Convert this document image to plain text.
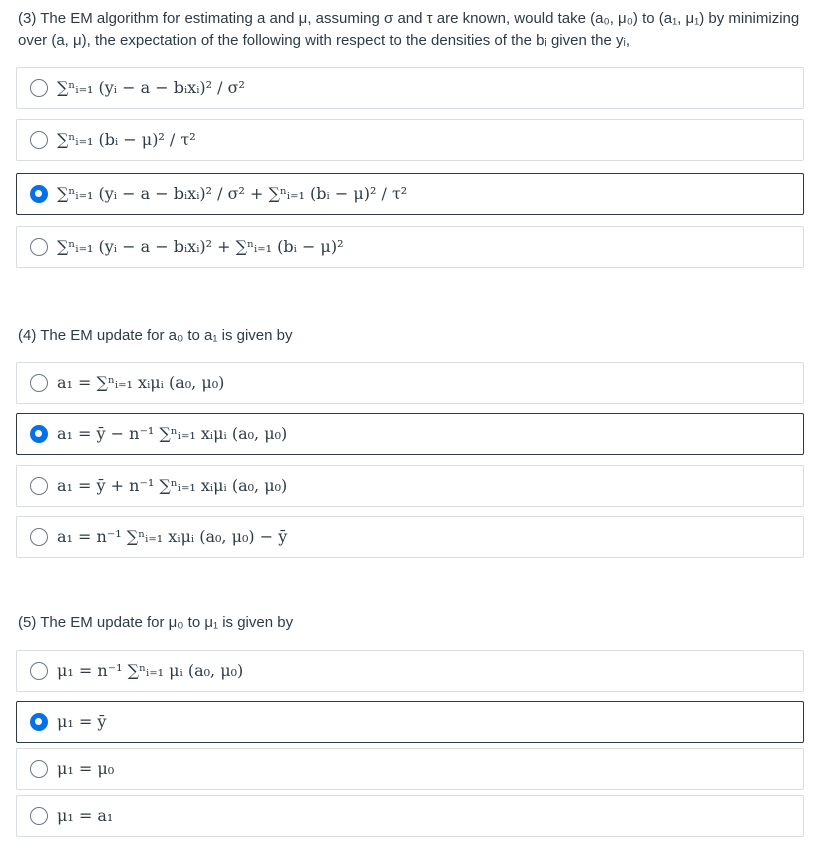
(3) The EM algorithm for estimating a and μ, assuming σ and τ are known, would take (a₀, μ₀) to (a₁, μ₁) by minimizing over (a, μ), the expectation of the following with respect to the densities of the bᵢ given the yᵢ,
∑ⁿᵢ₌₁ (yᵢ − a − bᵢxᵢ)² / σ²
∑ⁿᵢ₌₁ (bᵢ − μ)² / τ²
∑ⁿᵢ₌₁ (yᵢ − a − bᵢxᵢ)² / σ² + ∑ⁿᵢ₌₁ (bᵢ − μ)² / τ²
∑ⁿᵢ₌₁ (yᵢ − a − bᵢxᵢ)² + ∑ⁿᵢ₌₁ (bᵢ − μ)²
(4) The EM update for a₀ to a₁ is given by
a₁ = ∑ⁿᵢ₌₁ xᵢμᵢ (a₀, μ₀)
a₁ = ȳ − n⁻¹ ∑ⁿᵢ₌₁ xᵢμᵢ (a₀, μ₀)
a₁ = ȳ + n⁻¹ ∑ⁿᵢ₌₁ xᵢμᵢ (a₀, μ₀)
a₁ = n⁻¹ ∑ⁿᵢ₌₁ xᵢμᵢ (a₀, μ₀) − ȳ
(5) The EM update for μ₀ to μ₁ is given by
μ₁ = n⁻¹ ∑ⁿᵢ₌₁ μᵢ (a₀, μ₀)
μ₁ = ȳ
μ₁ = μ₀
μ₁ = a₁
